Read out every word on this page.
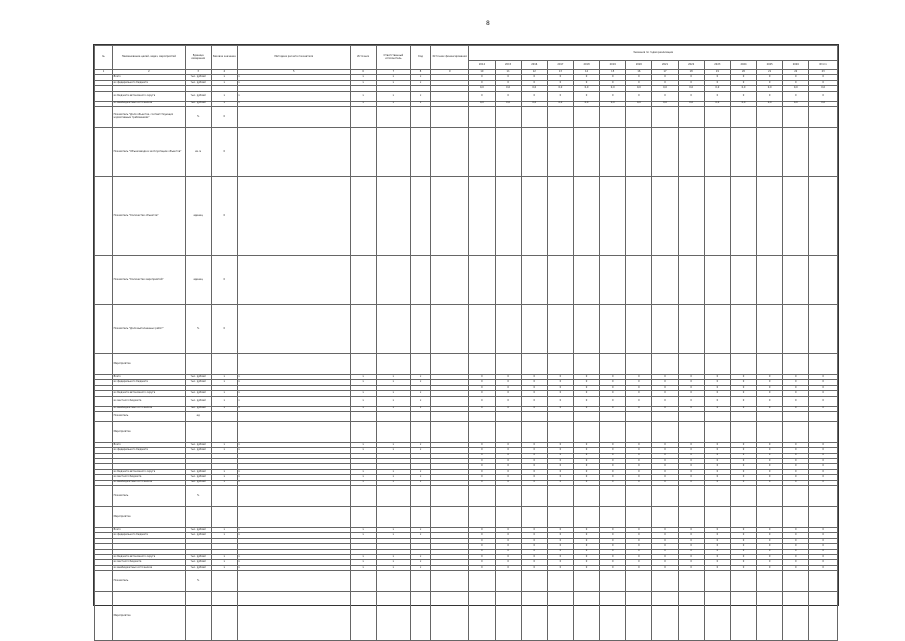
8
№	Наименование целей, задач, мероприятий	Единица измерения	Базовое значение	Методика расчета показателя	Источник	Ответственный исполнитель	Код	Источник финансирования	Значения по годам реализации													
									2014	2015	2016	2017	2018	2019	2020	2021	2022	2023	2024	2025	2026	Итого
1	2	3	4	5	6	7	8	9	10	11	12	13	14	15	16	17	18	19	20	21	22	23
	Всего	тыс. рублей	х	х	х	х	х		0	0	0	0	0	0	0	0	0	0	0	0	0	0
	из федерального бюджета	тыс. рублей	х	х	х	х	х		0	0	0	0	0	0	0	0	0	0	0	0	0	0
									0,0	0,0	0,0	0,0	0,0	0,0	0,0	0,0	0,0	0,0	0,0	0,0	0,0	0,0
	из бюджета автономного округа	тыс. рублей	х	х	х	х	х		0	0	0	0	0	0	0	0	0	0	0	0	0	0
	из внебюджетных источников	тыс. рублей	х	х	х	х	х		0,0	0,0	0,0	0,0	0,0	0,0	0,0	0,0	0,0	0,0	0,0	0,0	0,0	0,0
	Показатель "Доля объектов, соответствующих нормативным требованиям"	%	0																			
	Показатель "Объем ввода в эксплуатацию объектов"	кв. м	0																			
	Показатель "Количество объектов"	единиц	0																			
	Показатель "Количество мероприятий"	единиц	0																			
	Показатель "Доля выполненных работ"	%	0																			
	Мероприятие																					
	Всего	тыс. рублей	х	х	х	х	х		0	0	0	0	0	0	0	0	0	0	0	0	0	0
	из федерального бюджета	тыс. рублей	х	х	х	х	х		0	0	0	0	0	0	0	0	0	0	0	0	0	0
									0	0	0	0	0	0	0	0	0	0	0	0	0	0
	из бюджета автономного округа	тыс. рублей	х	х	х	х	х		0	0	0	0	0	0	0	0	0	0	0	0	0	0
	из местного бюджета	тыс. рублей	х	х	х	х	х		0	0	0	0	0	0	0	0	0	0	0	0	0	0
	из внебюджетных источников	тыс. рублей	х	х	х	х	х		0	0	0	0	0	0	0	0	0	0	0	0	0	0
	Показатель	ед																				
	Мероприятие																					
	Всего	тыс. рублей	х	х	х	х	х		0	0	0	0	0	0	0	0	0	0	0	0	0	0
	из федерального бюджета	тыс. рублей	х	х	х	х	х		0	0	0	0	0	0	0	0	0	0	0	0	0	0
									0	0	0	0	0	0	0	0	0	0	0	0	0	0
									0	0	0	0	0	0	0	0	0	0	0	0	0	0
									0	0	0	0	0	0	0	0	0	0	0	0	0	0
	из бюджета автономного округа	тыс. рублей	х	х	х	х	х		0	0	0	0	0	0	0	0	0	0	0	0	0	0
	из местного бюджета	тыс. рублей	х	х	х	х	х		0	0	0	0	0	0	0	0	0	0	0	0	0	0
	из внебюджетных источников	тыс. рублей	х	х	х	х	х		0	0	0	0	0	0	0	0	0	0	0	0	0	0
	Показатель	%																				
	Мероприятие																					
	Всего	тыс. рублей	х	х	х	х	х		0	0	0	0	0	0	0	0	0	0	0	0	0	0
	из федерального бюджета	тыс. рублей	х	х	х	х	х		0	0	0	0	0	0	0	0	0	0	0	0	0	0
									0	0	0	0	0	0	0	0	0	0	0	0	0	0
									0	0	0	0	0	0	0	0	0	0	0	0	0	0
									0	0	0	0	0	0	0	0	0	0	0	0	0	0
	из бюджета автономного округа	тыс. рублей	х	х	х	х	х		0	0	0	0	0	0	0	0	0	0	0	0	0	0
	из местного бюджета	тыс. рублей	х	х	х	х	х		0	0	0	0	0	0	0	0	0	0	0	0	0	0
	из внебюджетных источников	тыс. рублей	х	х	х	х	х		0	0	0	0	0	0	0	0	0	0	0	0	0	0
	Показатель	%																				
	Мероприятие																					
